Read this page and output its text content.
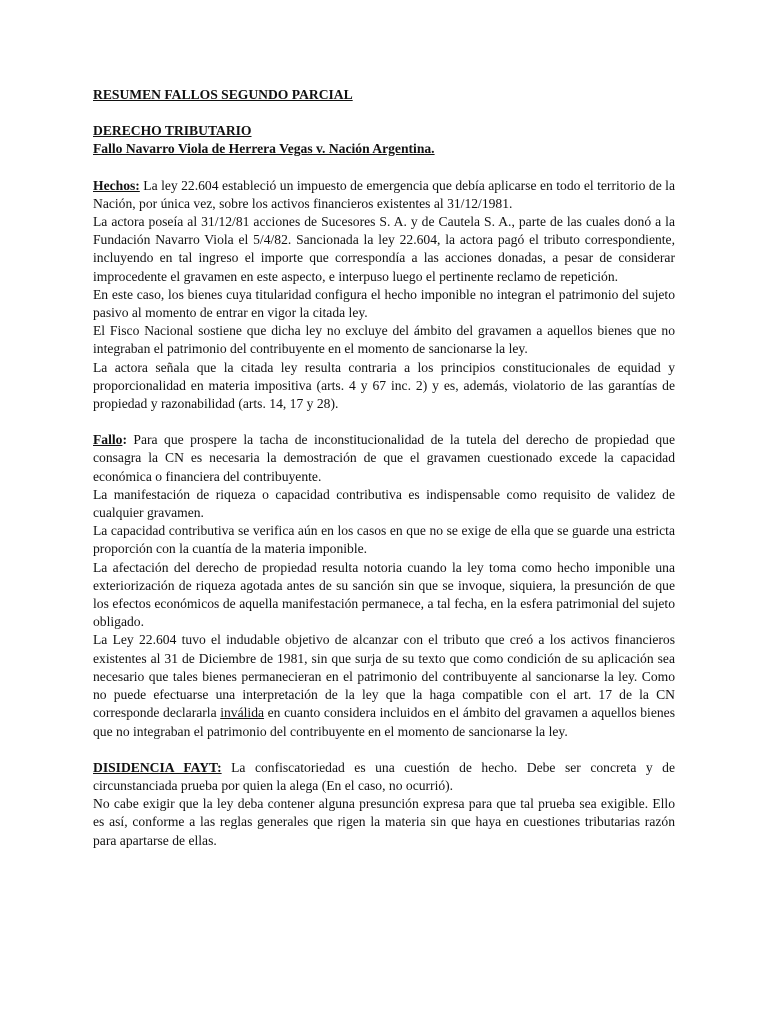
RESUMEN FALLOS SEGUNDO PARCIAL
DERECHO TRIBUTARIO
Fallo Navarro Viola de Herrera Vegas v. Nación Argentina.

Hechos: La ley 22.604 estableció un impuesto de emergencia que debía aplicarse en todo el territorio de la Nación, por única vez, sobre los activos financieros existentes al 31/12/1981.

La actora poseía al 31/12/81 acciones de Sucesores S. A. y de Cautela S. A., parte de las cuales donó a la Fundación Navarro Viola el 5/4/82. Sancionada la ley 22.604, la actora pagó el tributo correspondiente, incluyendo en tal ingreso el importe que correspondía a las acciones donadas, a pesar de considerar improcedente el gravamen en este aspecto, e interpuso luego el pertinente reclamo de repetición.

En este caso, los bienes cuya titularidad configura el hecho imponible no integran el patrimonio del sujeto pasivo al momento de entrar en vigor la citada ley.

El Fisco Nacional sostiene que dicha ley no excluye del ámbito del gravamen a aquellos bienes que no integraban el patrimonio del contribuyente en el momento de sancionarse la ley.

La actora señala que la citada ley resulta contraria a los principios constitucionales de equidad y proporcionalidad en materia impositiva (arts. 4 y 67 inc. 2) y es, además, violatorio de las garantías de propiedad y razonabilidad (arts. 14, 17 y 28).

Fallo: Para que prospere la tacha de inconstitucionalidad de la tutela del derecho de propiedad que consagra la CN es necesaria la demostración de que el gravamen cuestionado excede la capacidad económica o financiera del contribuyente.

La manifestación de riqueza o capacidad contributiva es indispensable como requisito de validez de cualquier gravamen.

La capacidad contributiva se verifica aún en los casos en que no se exige de ella que se guarde una estricta proporción con la cuantía de la materia imponible.

La afectación del derecho de propiedad resulta notoria cuando la ley toma como hecho imponible una exteriorización de riqueza agotada antes de su sanción sin que se invoque, siquiera, la presunción de que los efectos económicos de aquella manifestación permanece, a tal fecha, en la esfera patrimonial del sujeto obligado.

La Ley 22.604 tuvo el indudable objetivo de alcanzar con el tributo que creó a los activos financieros existentes al 31 de Diciembre de 1981, sin que surja de su texto que como condición de su aplicación sea necesario que tales bienes permanecieran en el patrimonio del contribuyente al sancionarse la ley. Como no puede efectuarse una interpretación de la ley que la haga compatible con el art. 17 de la CN corresponde declararla inválida en cuanto considera incluidos en el ámbito del gravamen a aquellos bienes que no integraban el patrimonio del contribuyente en el momento de sancionarse la ley.

DISIDENCIA FAYT: La confiscatoriedad es una cuestión de hecho. Debe ser concreta y de circunstanciada prueba por quien la alega (En el caso, no ocurrió).

No cabe exigir que la ley deba contener alguna presunción expresa para que tal prueba sea exigible. Ello es así, conforme a las reglas generales que rigen la materia sin que haya en cuestiones tributarias razón para apartarse de ellas.
